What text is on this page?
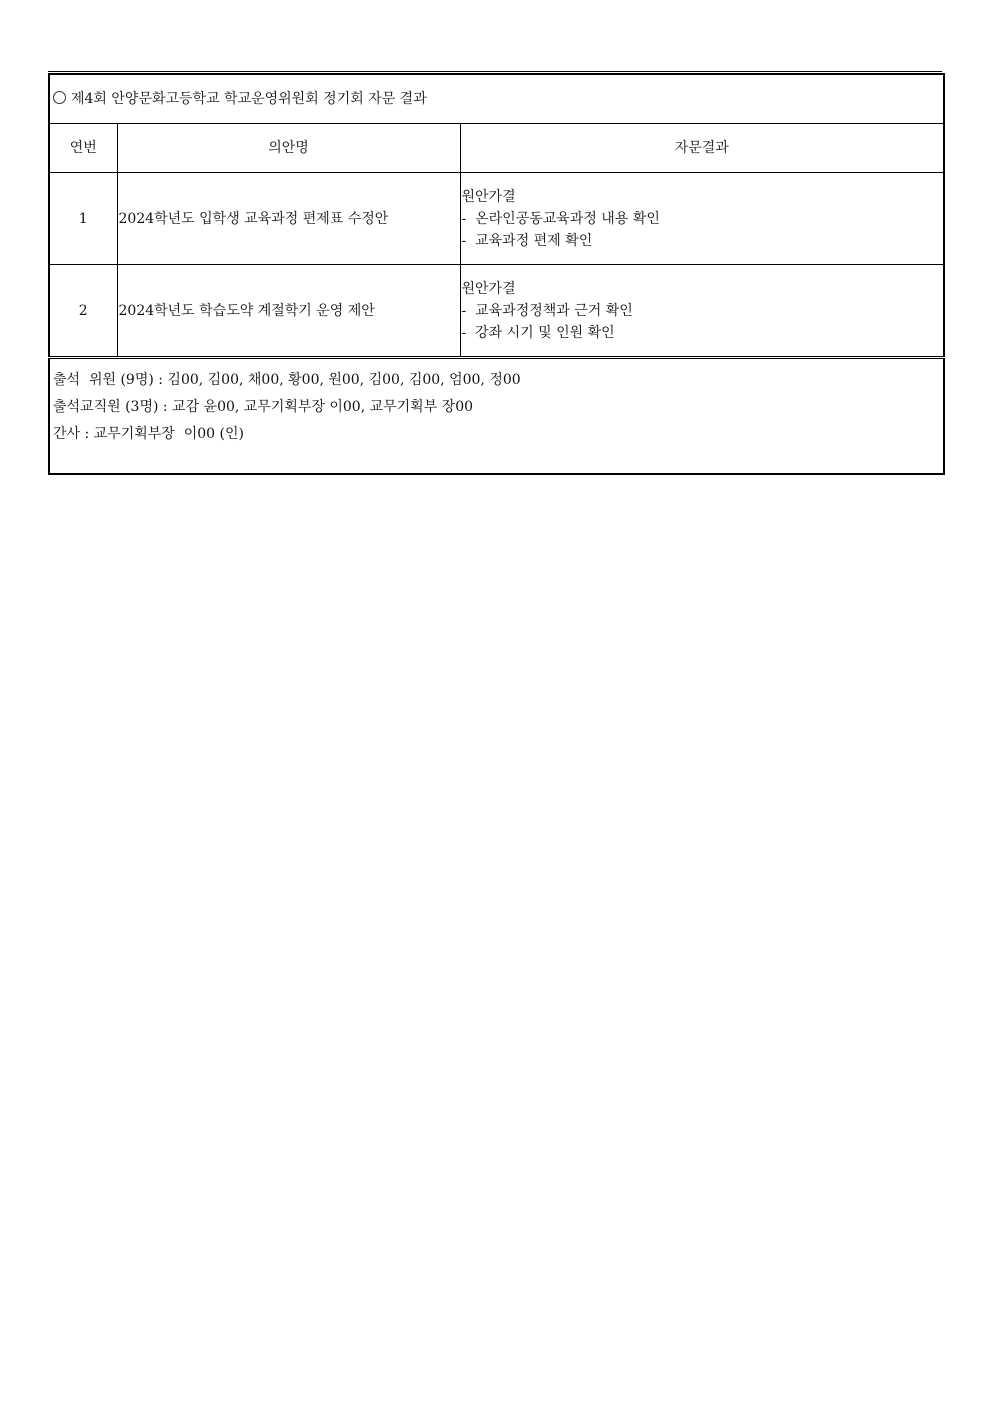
제4회 안양문화고등학교 학교운영위원회 정기회 자문 결과		
연번	의안명	자문결과
1	2024학년도 입학생 교육과정 편제표 수정안	원안가결
-  온라인공동교육과정 내용 확인
-  교육과정 편제 확인

2	2024학년도 학습도약 계절학기 운영 제안	원안가결
-  교육과정정책과 근거 확인
-  강좌 시기 및 인원 확인

출석  위원 (9명) : 김00, 김00, 채00, 황00, 원00, 김00, 김00, 엄00, 정00
출석교직원 (3명) : 교감 윤00, 교무기획부장 이00, 교무기획부 장00
간사 : 교무기획부장  이00 (인)		
